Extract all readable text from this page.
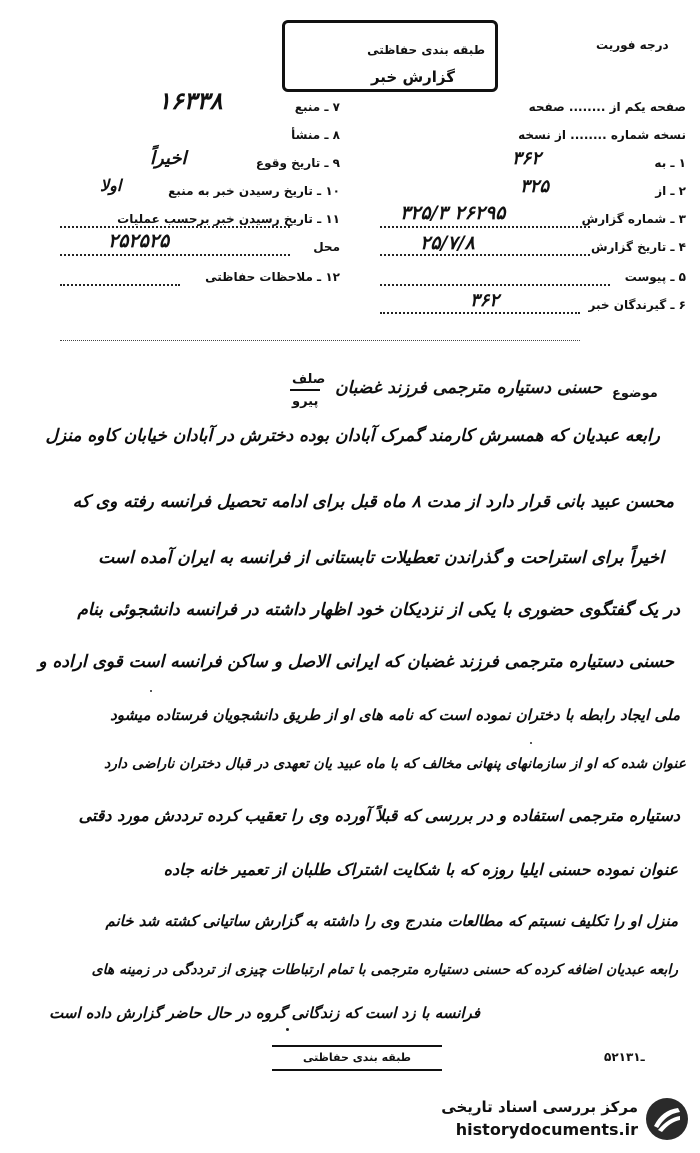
درجه فوریت
طبقه بندی حفاظتی
گزارش خبر
۱۶۳۳۸	صفحه یکم از ........ صفحه
نسخه شماره ........ از نسخه
۱ ـ به
۳۶۲
۲ ـ از
۳۲۵
۳ ـ شماره گزارش
۳۲۵/۳ ۲۶۲۹۵
۴ ـ تاریخ گزارش
۲۵/۷/۸
۵ ـ پیوست
۶ ـ گیرندگان خبر
۳۶۲
۷ ـ منبع
۸ ـ منشأ
۹ ـ تاریخ وقوع
اخیراً
۱۰ ـ تاریخ رسیدن خبر به منبع
اولا
۱۱ ـ تاریخ رسیدن خبر برحسب عملیات
محل
۲۵۲۵۲۵
۱۲ ـ ملاحظات حفاظتی
صلف
پیرو
موضوع
حسنی دستیاره مترجمی فرزند غضبان
رابعه عبدیان که همسرش کارمند گمرک آبادان بوده دخترش در آبادان خیابان کاوه منزل
محسن عبید بانی قرار دارد از مدت ۸ ماه قبل برای ادامه تحصیل فرانسه رفته وی که
اخیراً برای استراحت و گذراندن تعطیلات تابستانی از فرانسه به ایران آمده است
در یک گفتگوی حضوری با یکی از نزدیکان خود اظهار داشته در فرانسه دانشجوئی بنام
حسنی دستیاره مترجمی فرزند غضبان که ایرانی الاصل و ساکن فرانسه است قوی اراده و
ملی ایجاد رابطه با دختران نموده است که نامه های او از طریق دانشجویان فرستاده میشود
عنوان شده که او از سازمانهای پنهانی مخالف که با ماه عبید یان تعهدی در قبال دختران ناراضی دارد
دستیاره مترجمی استفاده و در بررسی که قبلاً آورده وی را تعقیب کرده ترددش مورد دقتی
عنوان نموده حسنی ایلیا روزه که با شکایت اشتراک طلبان از تعمیر خانه جاده
منزل او را تکلیف نسبتم که مطالعات مندرج وی را داشته به گزارش ساتیانی کشته شد خانم
رابعه عبدیان اضافه کرده که حسنی دستیاره مترجمی با تمام ارتباطات چیزی از ترددگی در زمینه های
فرانسه با زد است که زندگانی گروه در حال حاضر گزارش داده است
طبقه بندی حفاظتی	۵۲ـ۱۳۱
مرکز بررسی اسناد تاریخی
historydocuments.ir
